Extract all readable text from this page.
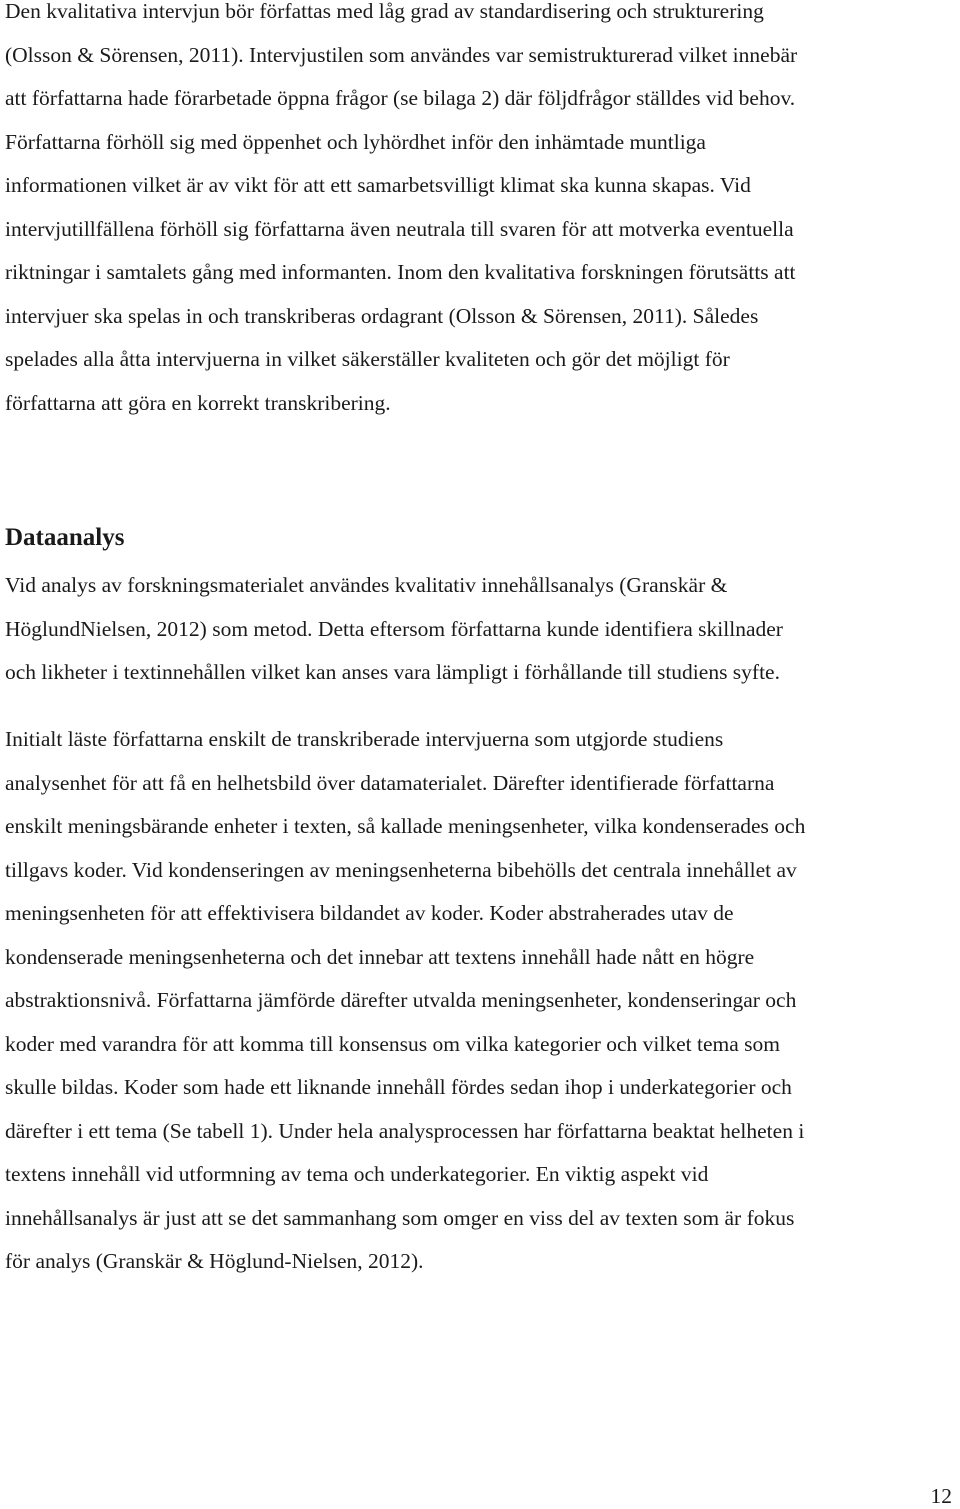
Den kvalitativa intervjun bör författas med låg grad av standardisering och strukturering
(Olsson & Sörensen, 2011). Intervjustilen som användes var semistrukturerad vilket innebär
att författarna hade förarbetade öppna frågor (se bilaga 2) där följdfrågor ställdes vid behov.
Författarna förhöll sig med öppenhet och lyhördhet inför den inhämtade muntliga
informationen vilket är av vikt för att ett samarbetsvilligt klimat ska kunna skapas. Vid
intervjutillfällena förhöll sig författarna även neutrala till svaren för att motverka eventuella
riktningar i samtalets gång med informanten. Inom den kvalitativa forskningen förutsätts att
intervjuer ska spelas in och transkriberas ordagrant (Olsson & Sörensen, 2011). Således
spelades alla åtta intervjuerna in vilket säkerställer kvaliteten och gör det möjligt för
författarna att göra en korrekt transkribering.

Dataanalys

Vid analys av forskningsmaterialet användes kvalitativ innehållsanalys (Granskär &
HöglundNielsen, 2012) som metod. Detta eftersom författarna kunde identifiera skillnader
och likheter i textinnehållen vilket kan anses vara lämpligt i förhållande till studiens syfte.

Initialt läste författarna enskilt de transkriberade intervjuerna som utgjorde studiens
analysenhet för att få en helhetsbild över datamaterialet. Därefter identifierade författarna
enskilt meningsbärande enheter i texten, så kallade meningsenheter, vilka kondenserades och
tillgavs koder. Vid kondenseringen av meningsenheterna bibehölls det centrala innehållet av
meningsenheten för att effektivisera bildandet av koder. Koder abstraherades utav de
kondenserade meningsenheterna och det innebar att textens innehåll hade nått en högre
abstraktionsnivå. Författarna jämförde därefter utvalda meningsenheter, kondenseringar och
koder med varandra för att komma till konsensus om vilka kategorier och vilket tema som
skulle bildas. Koder som hade ett liknande innehåll fördes sedan ihop i underkategorier och
därefter i ett tema (Se tabell 1). Under hela analysprocessen har författarna beaktat helheten i
textens innehåll vid utformning av tema och underkategorier. En viktig aspekt vid
innehållsanalys är just att se det sammanhang som omger en viss del av texten som är fokus
för analys (Granskär & Höglund-Nielsen, 2012).

12
